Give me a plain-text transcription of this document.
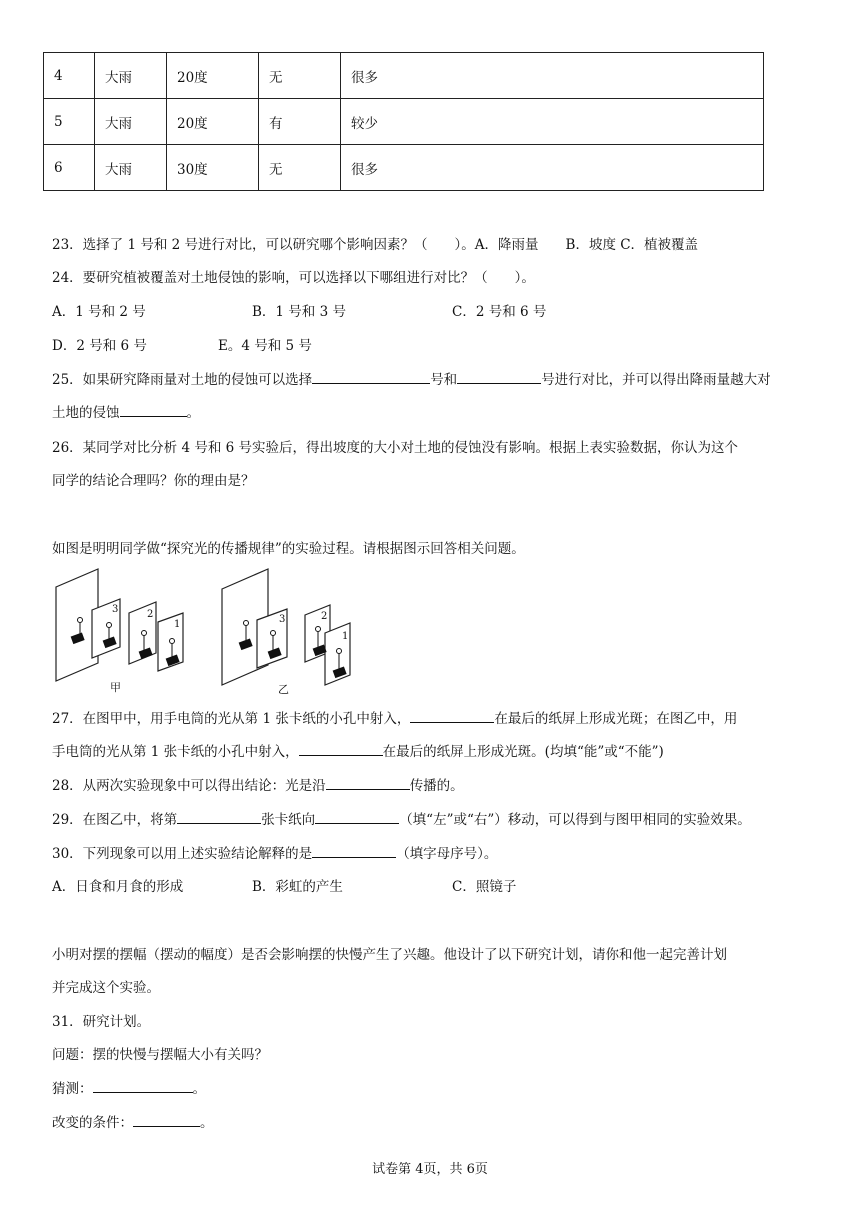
4	大雨	20度	无	很多
5	大雨	20度	有	较少
6	大雨	30度	无	很多
23．选择了 1 号和 2 号进行对比，可以研究哪个影响因素？（　　）。A．降雨量　　B．坡度 C．植被覆盖
24．要研究植被覆盖对土地侵蚀的影响，可以选择以下哪组进行对比？（　　）。
A．1 号和 2 号	B．1 号和 3 号	C．2 号和 6 号
D．2 号和 6 号	E。4 号和 5 号
25．如果研究降雨量对土地的侵蚀可以选择	号和	号进行对比，并可以得出降雨量越大对
土地的侵蚀	。
26．某同学对比分析 4 号和 6 号实验后，得出坡度的大小对土地的侵蚀没有影响。根据上表实验数据，你认为这个
同学的结论合理吗？你的理由是？
如图是明明同学做“探究光的传播规律”的实验过程。请根据图示回答相关问题。
3	2
1	3	2
1
甲	乙
27．在图甲中，用手电筒的光从第 1 张卡纸的小孔中射入，	在最后的纸屏上形成光斑；在图乙中，用
手电筒的光从第 1 张卡纸的小孔中射入，	在最后的纸屏上形成光斑。(均填“能”或“不能”)
28．从两次实验现象中可以得出结论：光是沿	传播的。
29．在图乙中，将第	张卡纸向	（填“左”或“右”）移动，可以得到与图甲相同的实验效果。
30．下列现象可以用上述实验结论解释的是	（填字母序号）。
A．日食和月食的形成	B．彩虹的产生	C．照镜子
小明对摆的摆幅（摆动的幅度）是否会影响摆的快慢产生了兴趣。他设计了以下研究计划，请你和他一起完善计划
并完成这个实验。
31．研究计划。
问题：摆的快慢与摆幅大小有关吗？
猜测：	。
改变的条件：	。
试卷第 4页，共 6页
